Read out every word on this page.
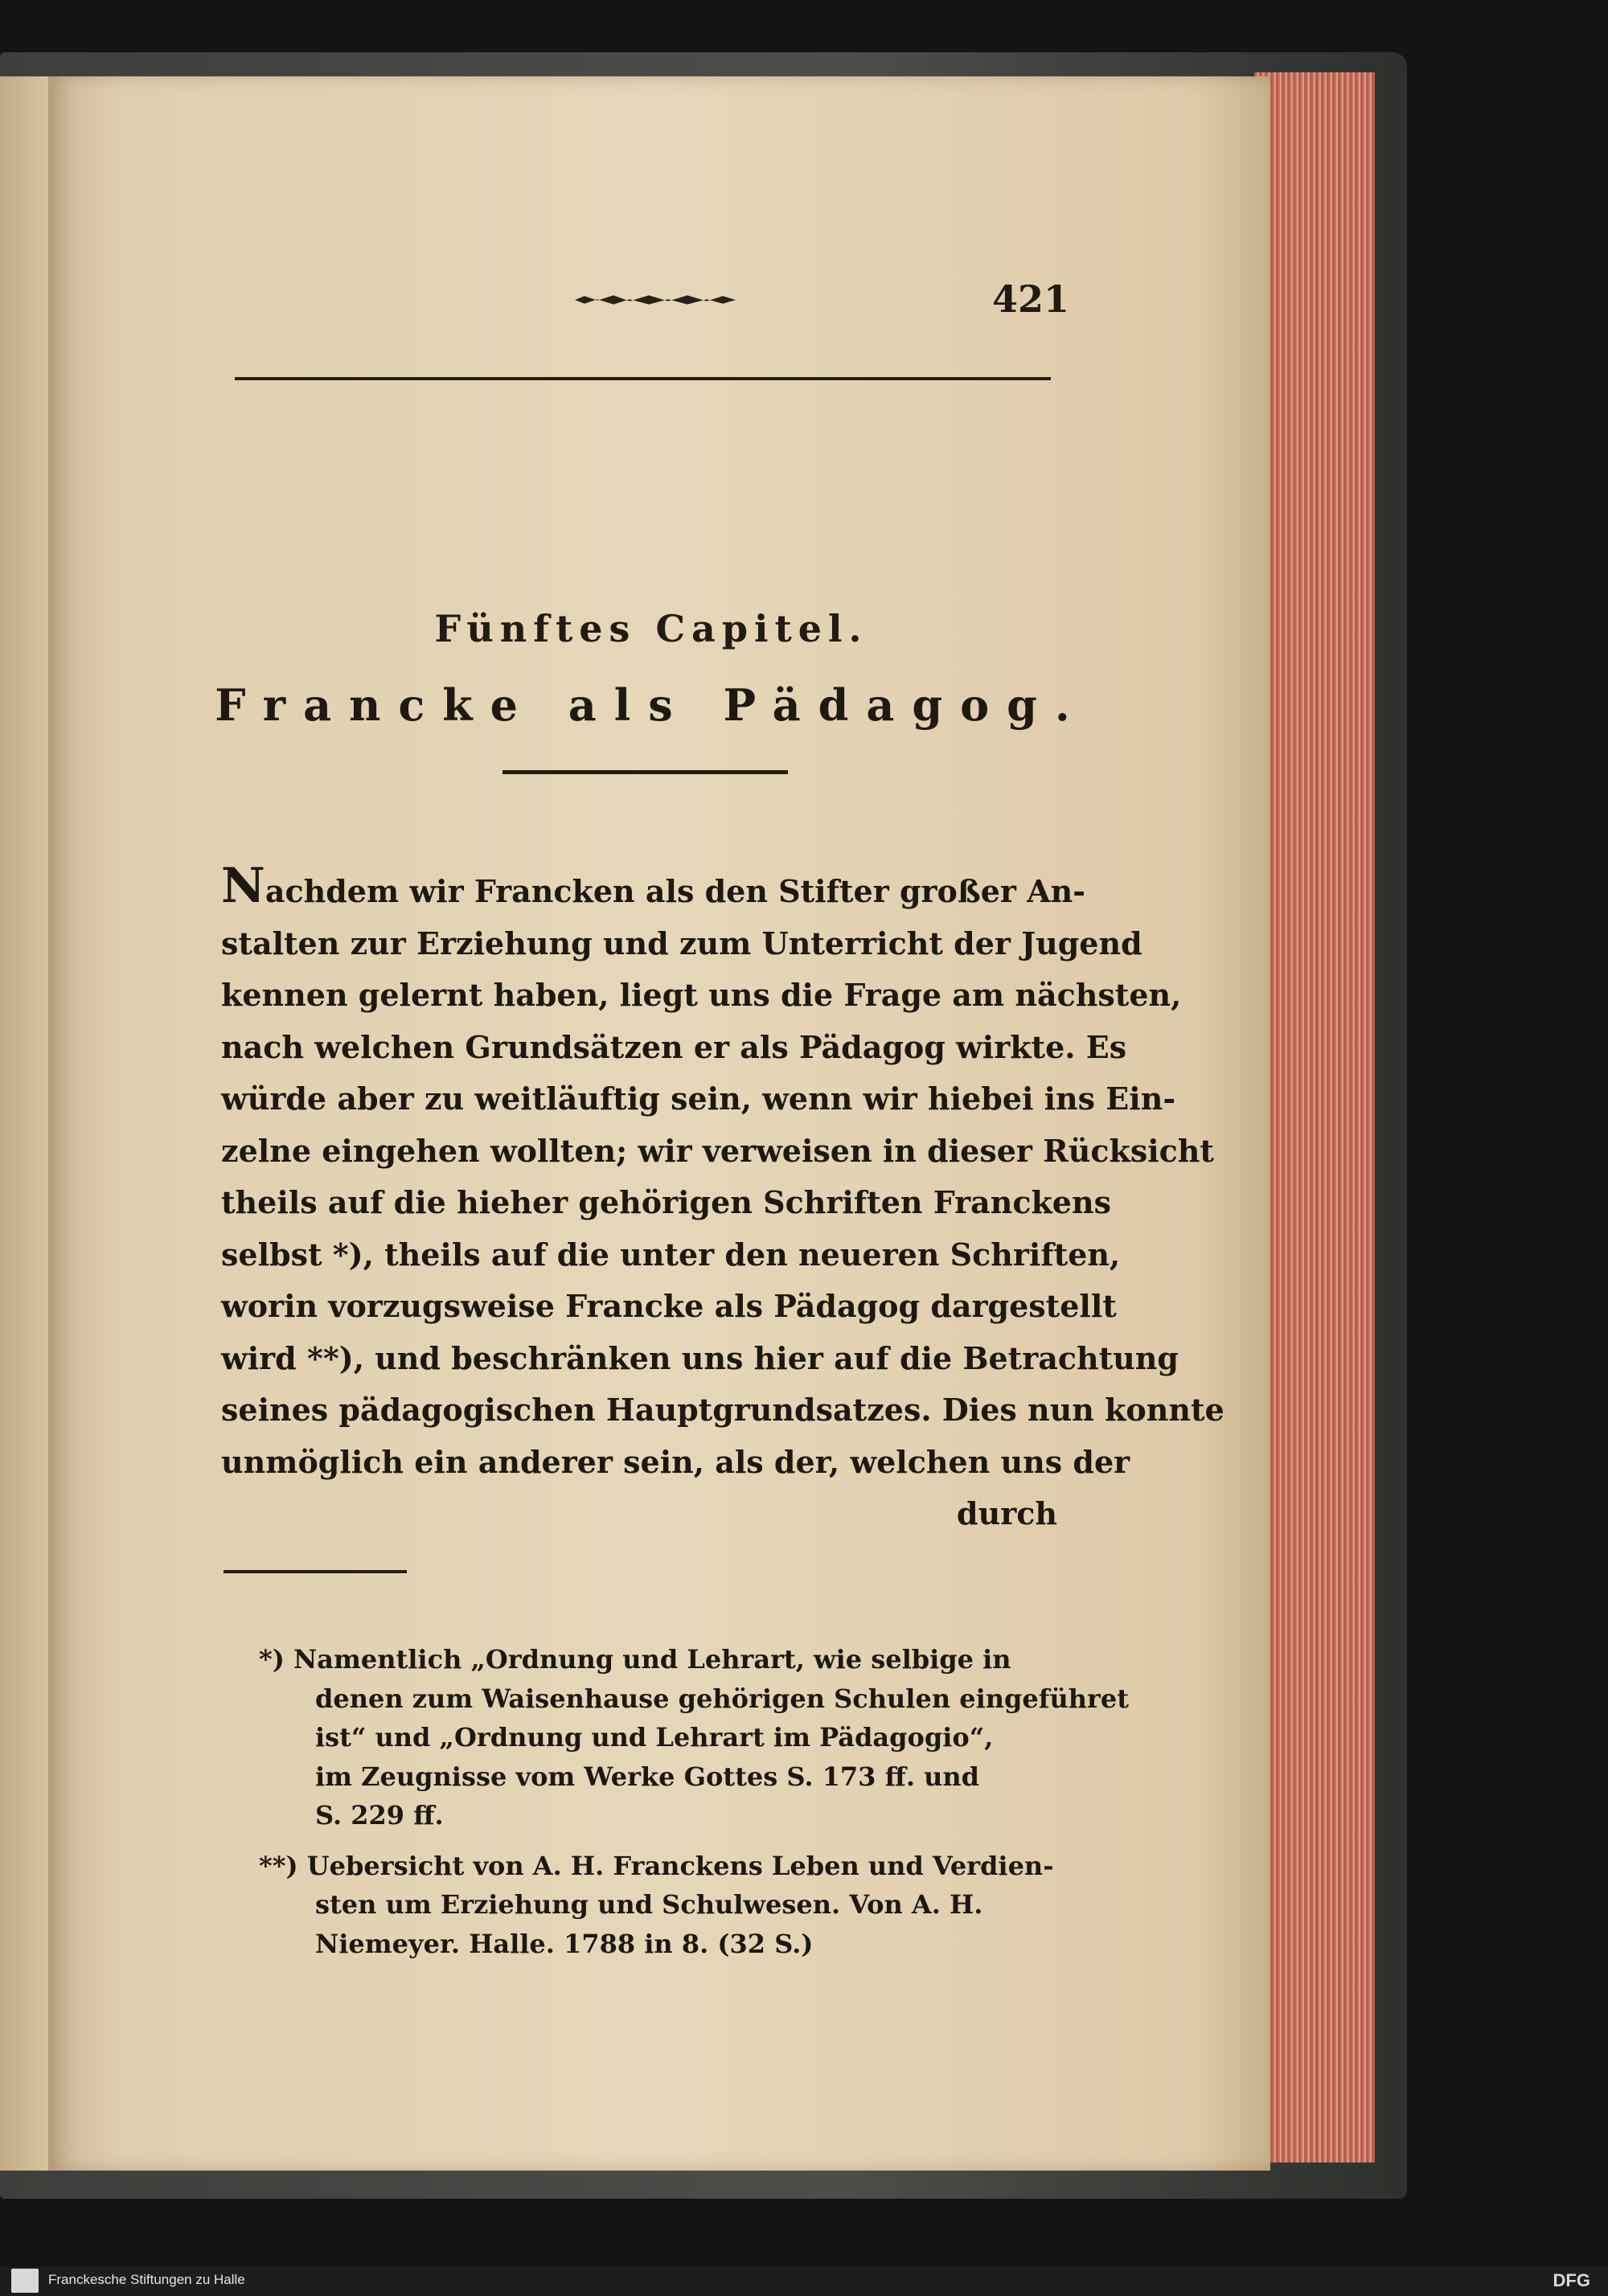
421
Fünftes Capitel.
Francke als Pädagog.
Nachdem wir Francken als den Stifter großer An-
stalten zur Erziehung und zum Unterricht der Jugend
kennen gelernt haben, liegt uns die Frage am nächsten,
nach welchen Grundsätzen er als Pädagog wirkte. Es
würde aber zu weitläuftig sein, wenn wir hiebei ins Ein-
zelne eingehen wollten; wir verweisen in dieser Rücksicht
theils auf die hieher gehörigen Schriften Franckens
selbst *), theils auf die unter den neueren Schriften,
worin vorzugsweise Francke als Pädagog dargestellt
wird **), und beschränken uns hier auf die Betrachtung
seines pädagogischen Hauptgrundsatzes. Dies nun konnte
unmöglich ein anderer sein, als der, welchen uns der
durch
*) Namentlich „Ordnung und Lehrart, wie selbige in
denen zum Waisenhause gehörigen Schulen eingeführet
ist“ und „Ordnung und Lehrart im Pädagogio“,
im Zeugnisse vom Werke Gottes S. 173 ff. und
S. 229 ff.
**) Uebersicht von A. H. Franckens Leben und Verdien-
sten um Erziehung und Schulwesen. Von A. H.
Niemeyer. Halle. 1788 in 8. (32 S.)
Franckesche Stiftungen zu Halle	DFG
